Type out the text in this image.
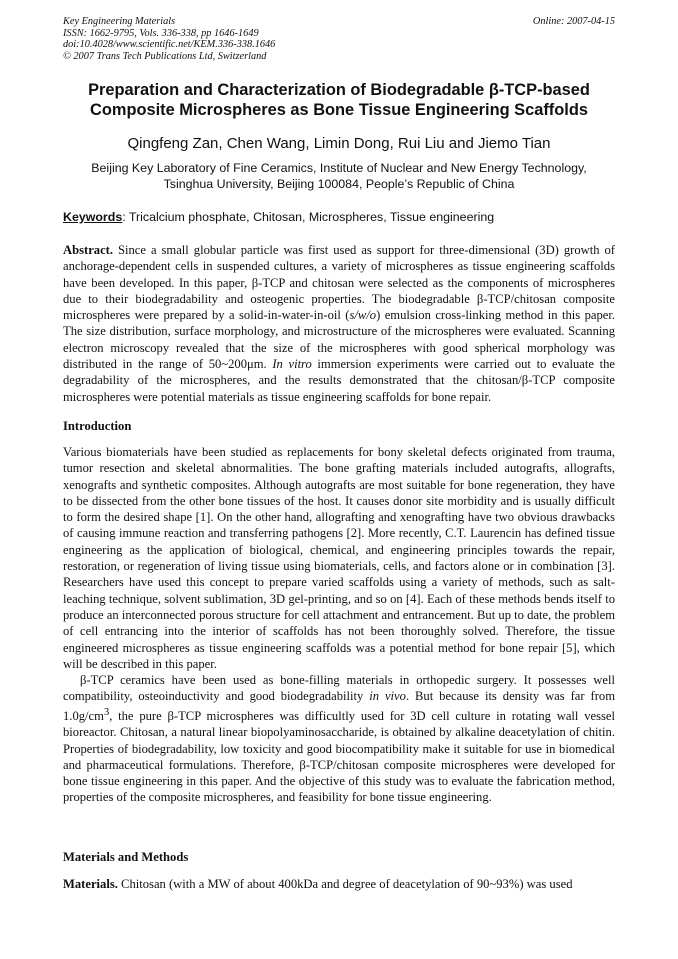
Key Engineering Materials
ISSN: 1662-9795, Vols. 336-338, pp 1646-1649
doi:10.4028/www.scientific.net/KEM.336-338.1646
© 2007 Trans Tech Publications Ltd, Switzerland
Online: 2007-04-15
Preparation and Characterization of Biodegradable β-TCP-based
Composite Microspheres as Bone Tissue Engineering Scaffolds
Qingfeng Zan, Chen Wang, Limin Dong, Rui Liu and Jiemo Tian
Beijing Key Laboratory of Fine Ceramics, Institute of Nuclear and New Energy Technology,
Tsinghua University, Beijing 100084, People’s Republic of China
Keywords: Tricalcium phosphate, Chitosan, Microspheres, Tissue engineering
Abstract. Since a small globular particle was first used as support for three-dimensional (3D) growth of anchorage-dependent cells in suspended cultures, a variety of microspheres as tissue engineering scaffolds have been developed. In this paper, β-TCP and chitosan were selected as the components of microspheres due to their biodegradability and osteogenic properties. The biodegradable β-TCP/chitosan composite microspheres were prepared by a solid-in-water-in-oil (s/w/o) emulsion cross-linking method in this paper. The size distribution, surface morphology, and microstructure of the microspheres were evaluated. Scanning electron microscopy revealed that the size of the microspheres with good spherical morphology was distributed in the range of 50~200μm. In vitro immersion experiments were carried out to evaluate the degradability of the microspheres, and the results demonstrated that the chitosan/β-TCP composite microspheres were potential materials as tissue engineering scaffolds for bone repair.
Introduction

Various biomaterials have been studied as replacements for bony skeletal defects originated from trauma, tumor resection and skeletal abnormalities. The bone grafting materials included autografts, allografts, xenografts and synthetic composites. Although autografts are most suitable for bone regeneration, they have to be dissected from the other bone tissues of the host. It causes donor site morbidity and is usually difficult to form the desired shape [1]. On the other hand, allografting and xenografting have two obvious drawbacks of causing immune reaction and transferring pathogens [2]. More recently, C.T. Laurencin has defined tissue engineering as the application of biological, chemical, and engineering principles towards the repair, restoration, or regeneration of living tissue using biomaterials, cells, and factors alone or in combination [3]. Researchers have used this concept to prepare varied scaffolds using a variety of methods, such as salt-leaching technique, solvent sublimation, 3D gel-printing, and so on [4]. Each of these methods bends itself to produce an interconnected porous structure for cell attachment and entrancement. But up to date, the problem of cell entrancing into the interior of scaffolds has not been thoroughly solved. Therefore, the tissue engineered microspheres as tissue engineering scaffolds was a potential method for bone repair [5], which will be described in this paper.

β-TCP ceramics have been used as bone-filling materials in orthopedic surgery. It possesses well compatibility, osteoinductivity and good biodegradability in vivo. But because its density was far from $1.0g/cm^3$, the pure β-TCP microspheres was difficultly used for 3D cell culture in rotating wall vessel bioreactor. Chitosan, a natural linear biopolyaminosaccharide, is obtained by alkaline deacetylation of chitin. Properties of biodegradability, low toxicity and good biocompatibility make it suitable for use in biomedical and pharmaceutical formulations. Therefore, β-TCP/chitosan composite microspheres were developed for bone tissue engineering in this paper. And the objective of this study was to evaluate the fabrication method, properties of the composite microspheres, and feasibility for bone tissue engineering.

Materials and Methods
Materials. Chitosan (with a MW of about 400kDa and degree of deacetylation of 90~93%) was used
